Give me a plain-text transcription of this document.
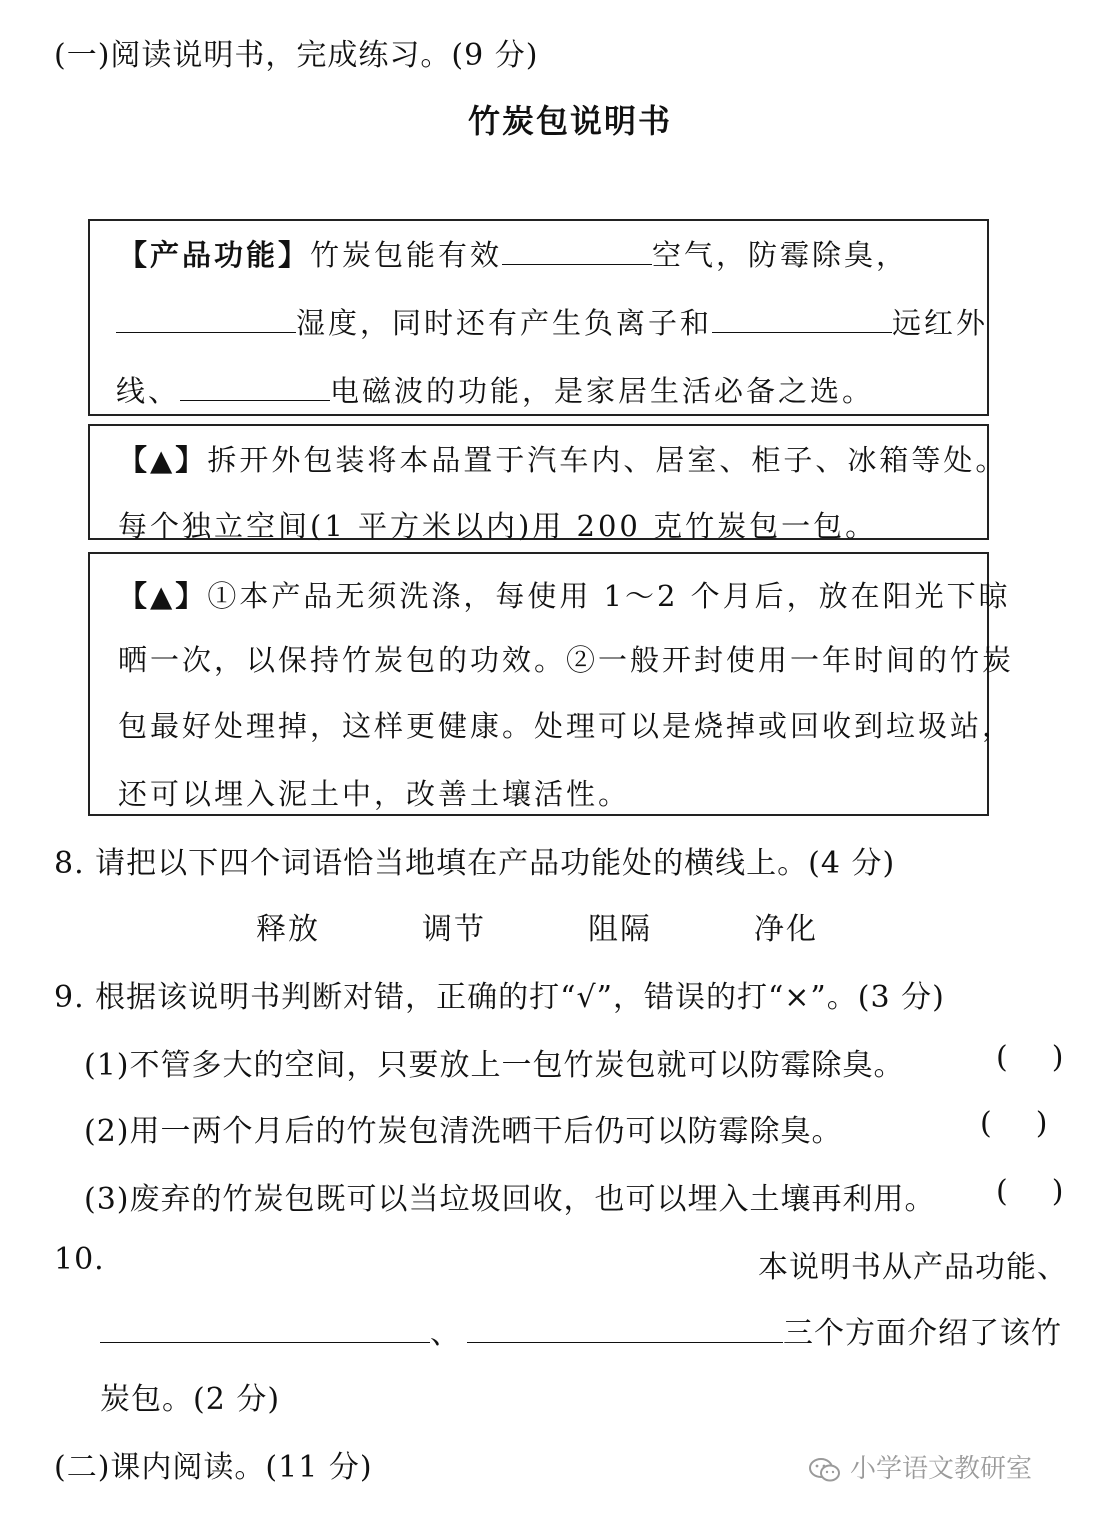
(一)阅读说明书，完成练习。(9 分)
竹炭包说明书
【产品功能】竹炭包能有效	空气，防霉除臭，
湿度，同时还有产生负离子和	远红外
线、	电磁波的功能，是家居生活必备之选。
【▲】拆开外包装将本品置于汽车内、居室、柜子、冰箱等处。
每个独立空间(1 平方米以内)用 200 克竹炭包一包。
【▲】①本产品无须洗涤，每使用 1～2 个月后，放在阳光下晾
晒一次，以保持竹炭包的功效。②一般开封使用一年时间的竹炭
包最好处理掉，这样更健康。处理可以是烧掉或回收到垃圾站，
还可以埋入泥土中，改善土壤活性。
8. 请把以下四个词语恰当地填在产品功能处的横线上。(4 分)
释放	调节	阻隔	净化
9. 根据该说明书判断对错，正确的打“√”，错误的打“×”。(3 分)
(1)不管多大的空间，只要放上一包竹炭包就可以防霉除臭。	()
(2)用一两个月后的竹炭包清洗晒干后仍可以防霉除臭。	()
(3)废弃的竹炭包既可以当垃圾回收，也可以埋入土壤再利用。 ()
10.	本说明书从产品功能、
、	三个方面介绍了该竹
炭包。(2 分)
(二)课内阅读。(11 分)	小学语文教研室
